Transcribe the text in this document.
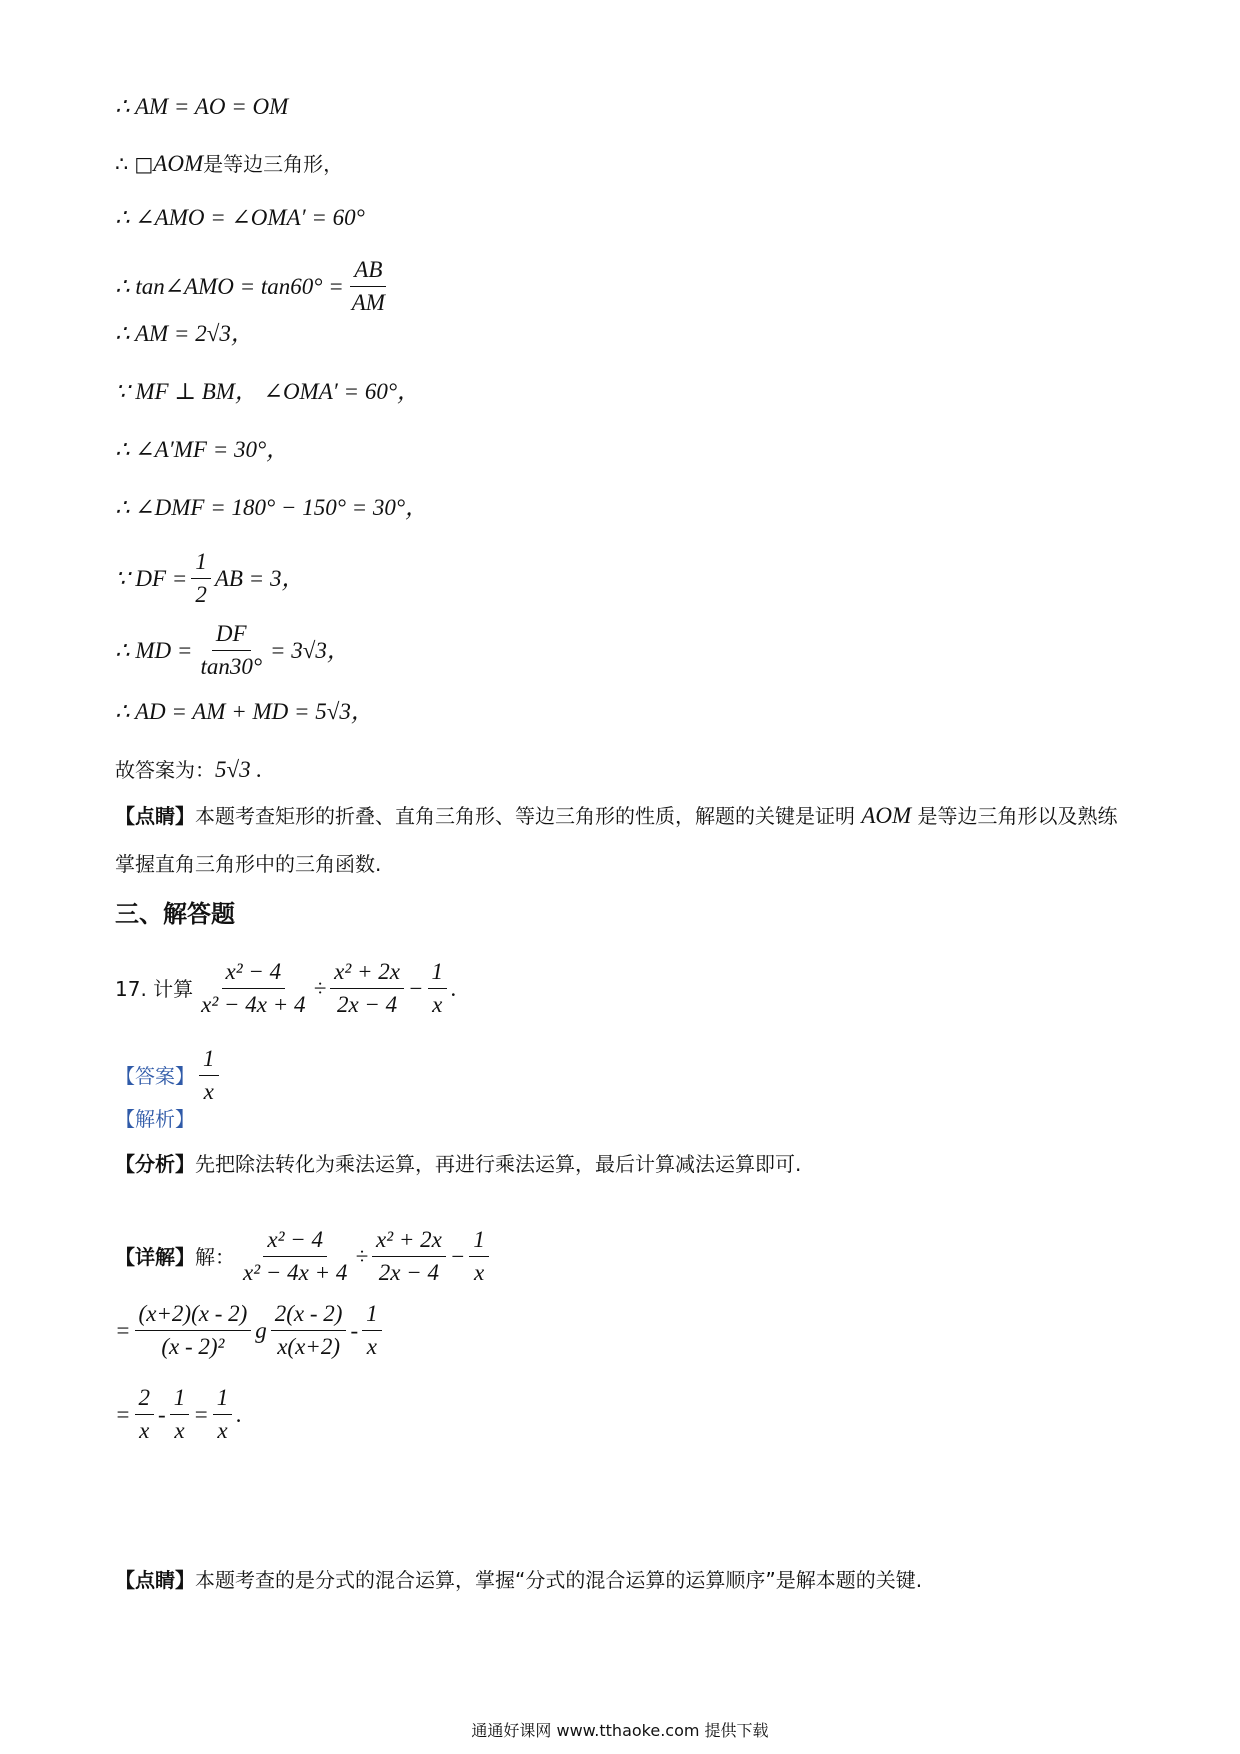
∴ AM = AO = OM
∴ □ AOM 是等边三角形，
∴ ∠AMO = ∠OMA′ = 60°
∴ tan∠AMO = $\tan 60^\circ = \frac{AB}{AM}$
∴ AM = 2√3，
∵ MF ⊥ BM， ∠OMA′ = 60°，
∴ ∠A′MF = 30°，
∴ ∠DMF = 180° − 150° = 30°，
∵ DF = $\frac{1}{2}$ AB = 3，
∴ MD = $\frac{DF}{\tan 30^\circ} = 3√3$，
∴ AD = AM + MD = 5√3，
故答案为： 5√3 .
【点睛】本题考查矩形的折叠、直角三角形、等边三角形的性质，解题的关键是证明 AOM 是等边三角形以及熟练掌握直角三角形中的三角函数.
三、解答题
17. 计算 $\frac{\text{x² − 4}}{\text{x² − 4x + 4}} \div \frac{\text{x² + 2x}}{2x - 4} - \frac{1}{x}$ .
【答案】 $\frac{1}{x}$
【解析】
【分析】 先把除法转化为乘法运算，再进行乘法运算，最后计算减法运算即可.
【详解】 解： $\frac{\text{x² − 4}}{\text{x² − 4x + 4}} \div \frac{\text{x² + 2x}}{2x - 4} - \frac{1}{x}$
= $\frac{(x+2)(x - 2)}{\text{(x - 2)²}}$ g $\frac{2(x - 2)}{x(x+2)} - \frac{1}{x}$
= $\frac{2}{x} - \frac{1}{x} = \frac{1}{x}$ .
【点睛】 本题考查的是分式的混合运算，掌握“分式的混合运算的运算顺序”是解本题的关键.
通通好课网 www.tthaoke.com 提供下载
